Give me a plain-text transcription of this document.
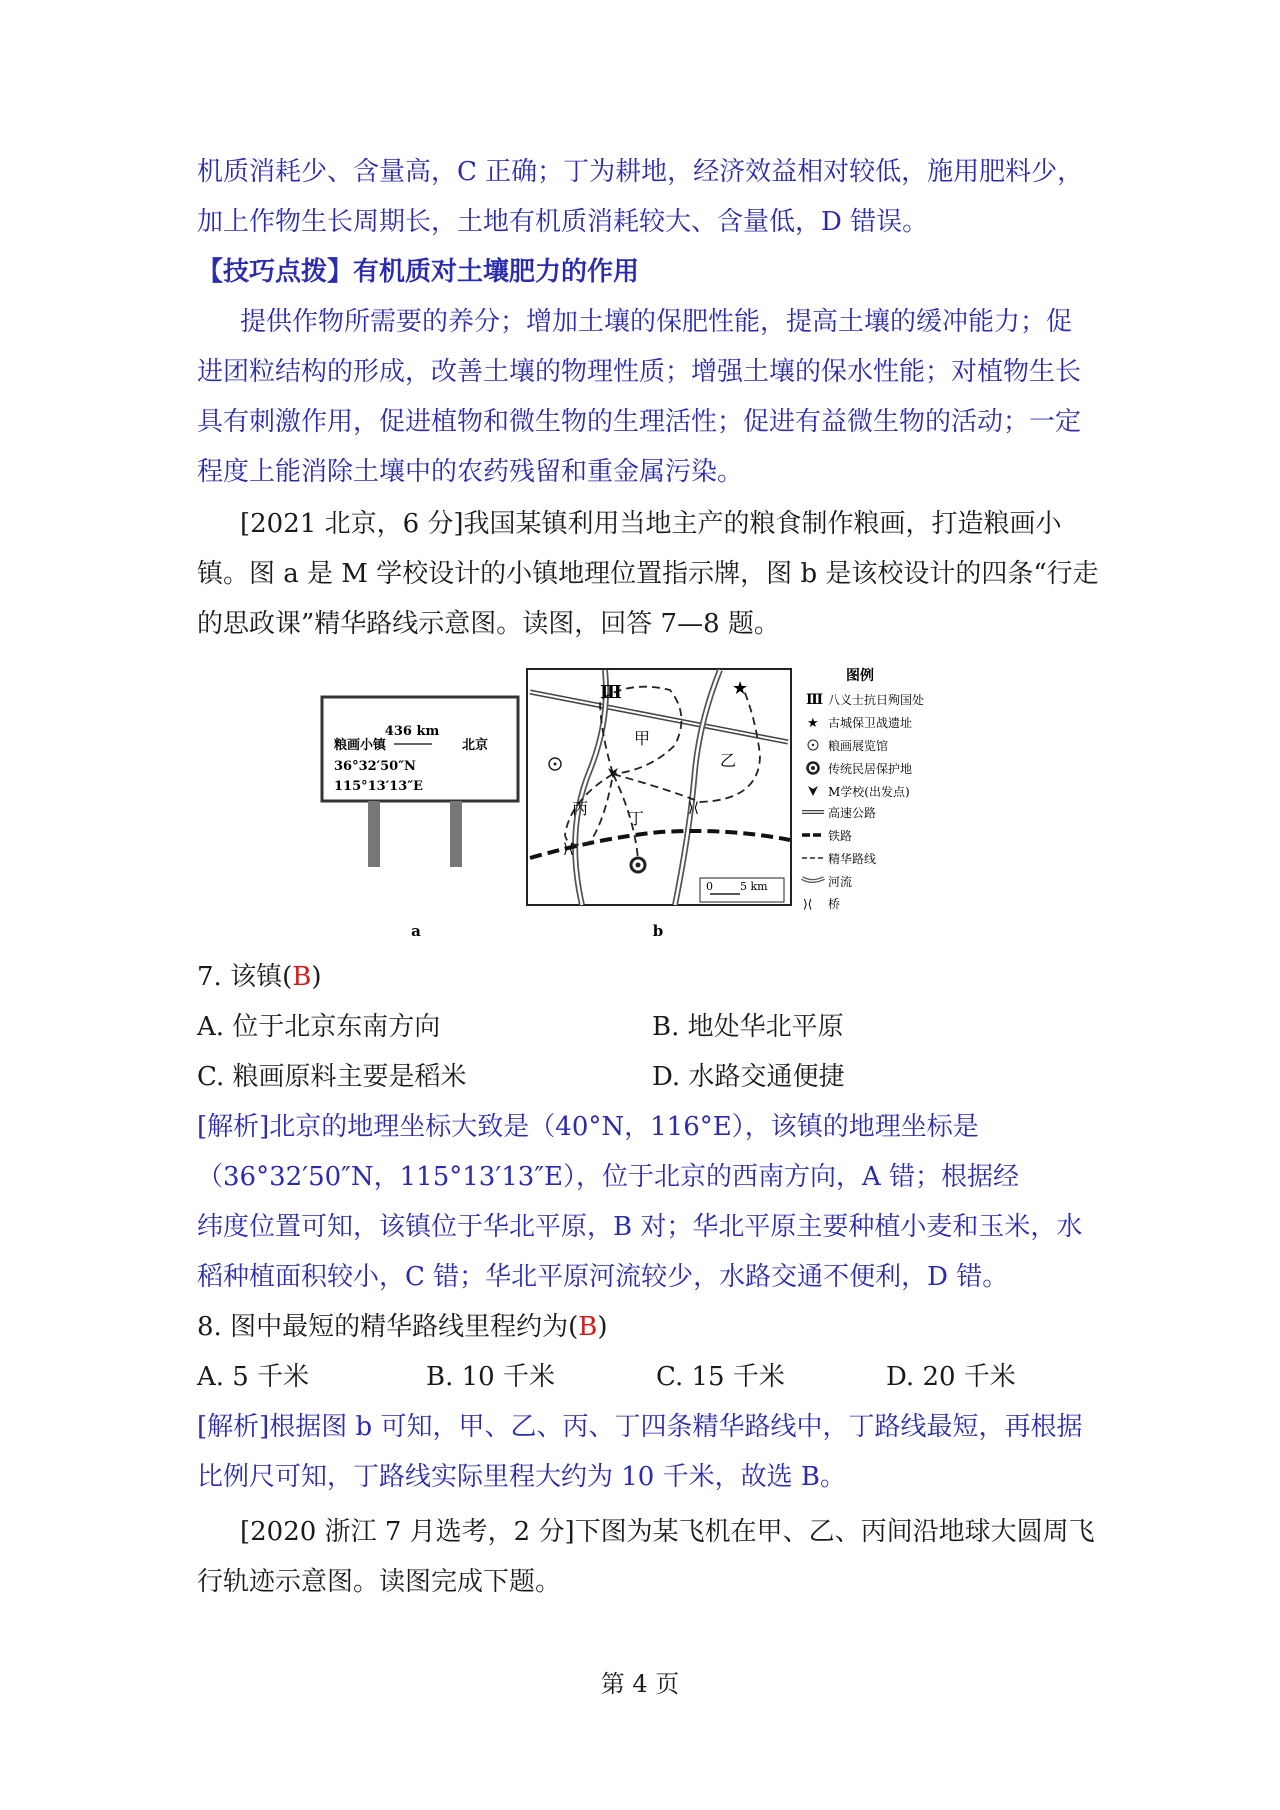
机质消耗少、含量高，C 正确；丁为耕地，经济效益相对较低，施用肥料少，
加上作物生长周期长，土地有机质消耗较大、含量低，D 错误。
【技巧点拨】有机质对土壤肥力的作用
提供作物所需要的养分；增加土壤的保肥性能，提高土壤的缓冲能力；促
进团粒结构的形成，改善土壤的物理性质；增强土壤的保水性能；对植物生长
具有刺激作用，促进植物和微生物的生理活性；促进有益微生物的活动；一定
程度上能消除土壤中的农药残留和重金属污染。
[2021 北京，6 分]我国某镇利用当地主产的粮食制作粮画，打造粮画小
镇。图 a 是 M 学校设计的小镇地理位置指示牌，图 b 是该校设计的四条“行走
的思政课”精华路线示意图。读图，回答 7—8 题。
436 km
粮画小镇	北京
36°32′50″N
115°13′13″E
a
Ⅲ	★
甲
乙
丙
丁
⟩⟨
⟩⟨
0 5 km
b
图例
Ⅲ 八义士抗日殉国处
★ 古城保卫战遗址
粮画展览馆
传统民居保护地
M学校(出发点)
高速公路
铁路
精华路线
河流
⟩⟨ 桥
7. 该镇(B)
A. 位于北京东南方向	B. 地处华北平原
C. 粮画原料主要是稻米	D. 水路交通便捷
[解析]北京的地理坐标大致是（40°N，116°E），该镇的地理坐标是
（36°32′50″N，115°13′13″E），位于北京的西南方向，A 错；根据经
纬度位置可知，该镇位于华北平原，B 对；华北平原主要种植小麦和玉米，水
稻种植面积较小，C 错；华北平原河流较少，水路交通不便利，D 错。
8. 图中最短的精华路线里程约为(B)
A. 5 千米	B. 10 千米	C. 15 千米	D. 20 千米
[解析]根据图 b 可知，甲、乙、丙、丁四条精华路线中，丁路线最短，再根据
比例尺可知，丁路线实际里程大约为 10 千米，故选 B。
[2020 浙江 7 月选考，2 分]下图为某飞机在甲、乙、丙间沿地球大圆周飞
行轨迹示意图。读图完成下题。
第 4 页
